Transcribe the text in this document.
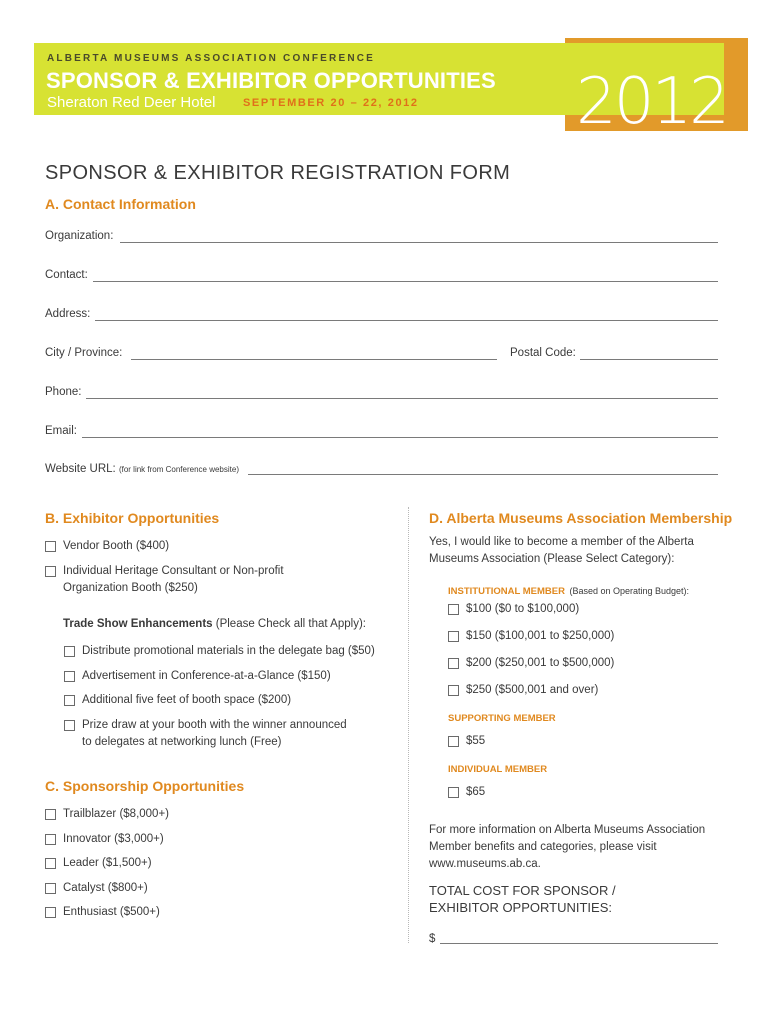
2012
ALBERTA MUSEUMS ASSOCIATION CONFERENCE
SPONSOR & EXHIBITOR OPPORTUNITIES
Sheraton Red Deer Hotel	SEPTEMBER 20 – 22, 2012
SPONSOR & EXHIBITOR REGISTRATION FORM
A. Contact Information
Organization:
Contact:
Address:
City / Province:	Postal Code:
Phone:
Email:
Website URL: (for link from Conference website)
B. Exhibitor Opportunities
Vendor Booth ($400)
Individual Heritage Consultant or Non-profit
Organization Booth ($250)
Trade Show Enhancements (Please Check all that Apply):
Distribute promotional materials in the delegate bag ($50)
Advertisement in Conference-at-a-Glance ($150)
Additional five feet of booth space ($200)
Prize draw at your booth with the winner announced
to delegates at networking lunch (Free)
C. Sponsorship Opportunities
Trailblazer ($8,000+)
Innovator ($3,000+)
Leader ($1,500+)
Catalyst ($800+)
Enthusiast ($500+)
D. Alberta Museums Association Membership
Yes, I would like to become a member of the Alberta
Museums Association (Please Select Category):
INSTITUTIONAL MEMBER (Based on Operating Budget):
$100 ($0 to $100,000)
$150 ($100,001 to $250,000)
$200 ($250,001 to $500,000)
$250 ($500,001 and over)
SUPPORTING MEMBER
$55
INDIVIDUAL MEMBER
$65
For more information on Alberta Museums Association
Member benefits and categories, please visit
www.museums.ab.ca.
TOTAL COST FOR SPONSOR /
EXHIBITOR OPPORTUNITIES:
$
